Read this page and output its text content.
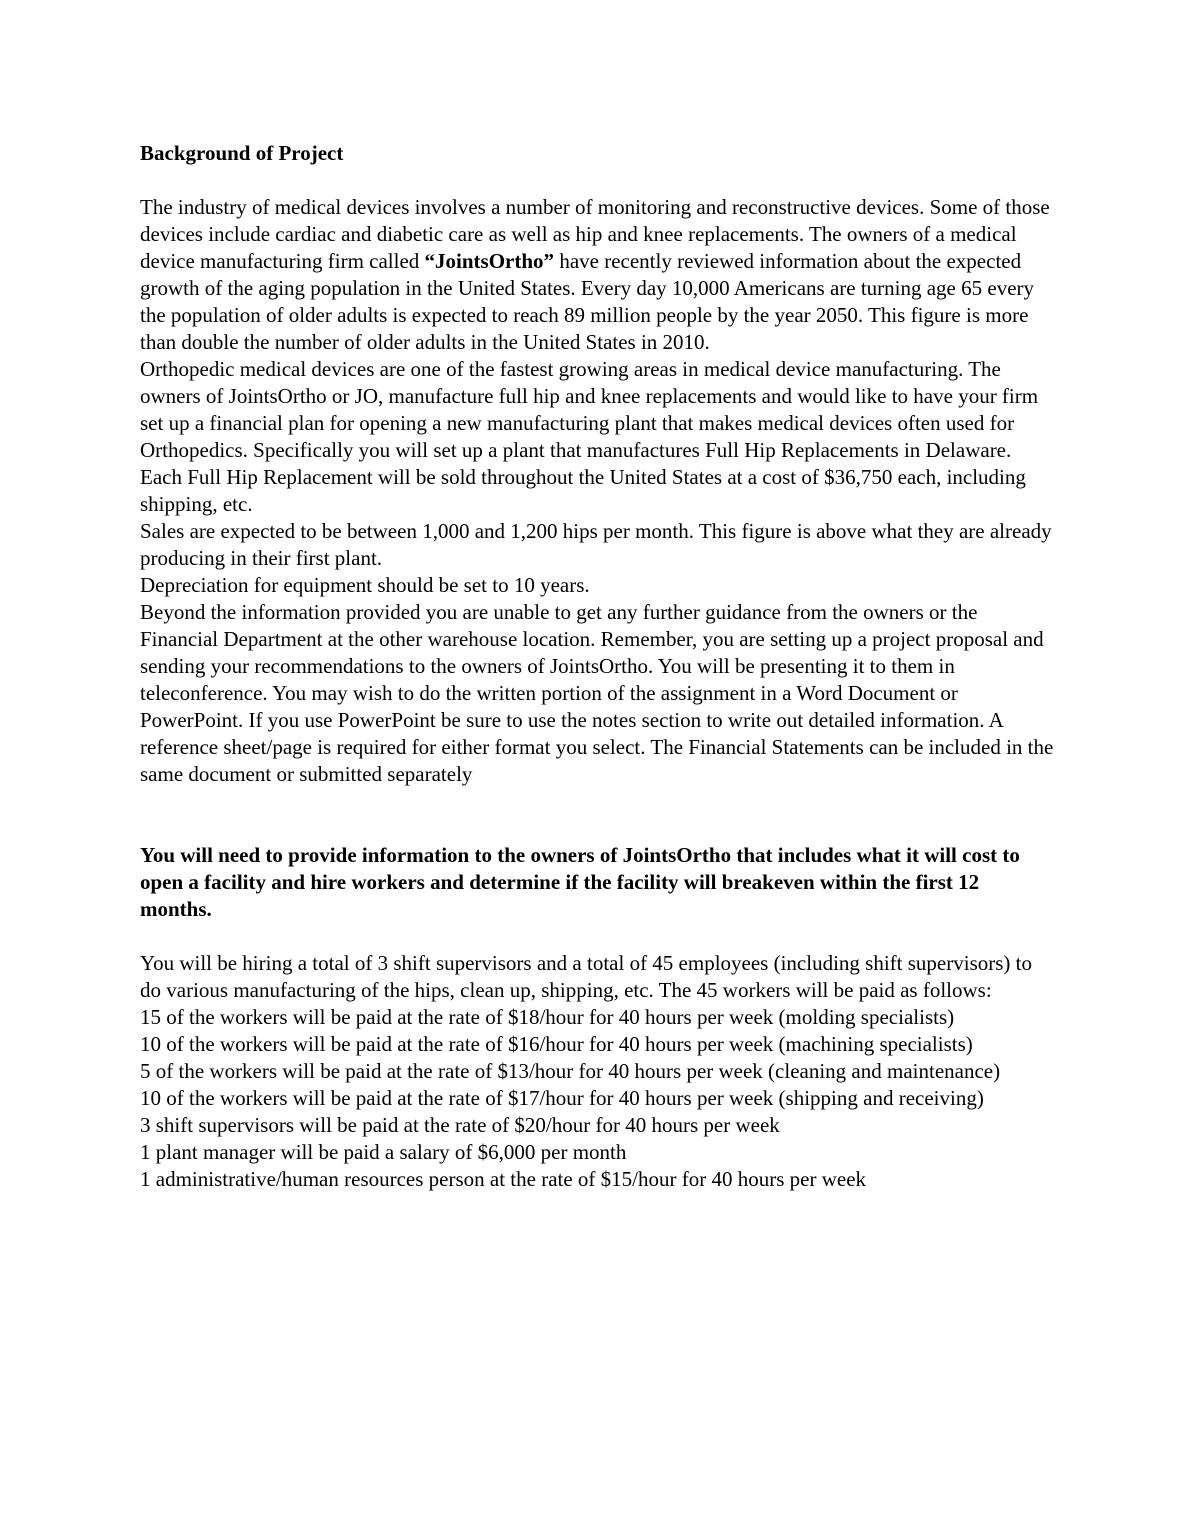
Background of Project

The industry of medical devices involves a number of monitoring and reconstructive devices. Some of those devices include cardiac and diabetic care as well as hip and knee replacements. The owners of a medical device manufacturing firm called “JointsOrtho” have recently reviewed information about the expected growth of the aging population in the United States. Every day 10,000 Americans are turning age 65 every the population of older adults is expected to reach 89 million people by the year 2050. This figure is more than double the number of older adults in the United States in 2010.

Orthopedic medical devices are one of the fastest growing areas in medical device manufacturing. The owners of JointsOrtho or JO, manufacture full hip and knee replacements and would like to have your firm set up a financial plan for opening a new manufacturing plant that makes medical devices often used for Orthopedics. Specifically you will set up a plant that manufactures Full Hip Replacements in Delaware. Each Full Hip Replacement will be sold throughout the United States at a cost of $36,750 each, including shipping, etc.

Sales are expected to be between 1,000 and 1,200 hips per month. This figure is above what they are already producing in their first plant.

Depreciation for equipment should be set to 10 years.

Beyond the information provided you are unable to get any further guidance from the owners or the Financial Department at the other warehouse location. Remember, you are setting up a project proposal and sending your recommendations to the owners of JointsOrtho. You will be presenting it to them in teleconference. You may wish to do the written portion of the assignment in a Word Document or PowerPoint. If you use PowerPoint be sure to use the notes section to write out detailed information. A reference sheet/page is required for either format you select. The Financial Statements can be included in the same document or submitted separately

You will need to provide information to the owners of JointsOrtho that includes what it will cost to open a facility and hire workers and determine if the facility will breakeven within the first 12 months.

You will be hiring a total of 3 shift supervisors and a total of 45 employees (including shift supervisors) to do various manufacturing of the hips, clean up, shipping, etc. The 45 workers will be paid as follows:

15 of the workers will be paid at the rate of $18/hour for 40 hours per week (molding specialists)

10 of the workers will be paid at the rate of $16/hour for 40 hours per week (machining specialists)

5 of the workers will be paid at the rate of $13/hour for 40 hours per week (cleaning and maintenance)

10 of the workers will be paid at the rate of $17/hour for 40 hours per week (shipping and receiving)

3 shift supervisors will be paid at the rate of $20/hour for 40 hours per week

1 plant manager will be paid a salary of $6,000 per month

1 administrative/human resources person at the rate of $15/hour for 40 hours per week
